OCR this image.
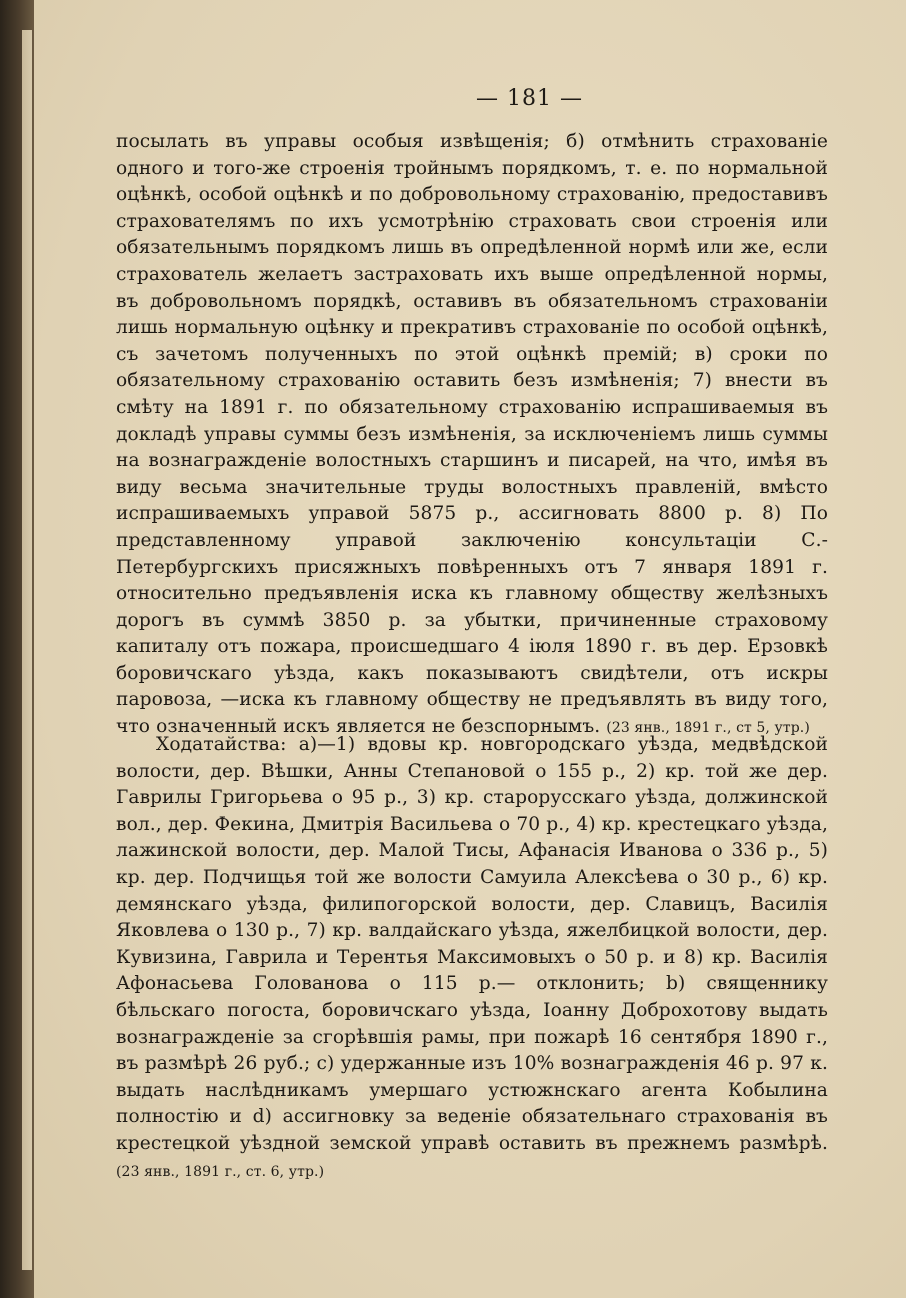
— 181 —
посылать въ управы особыя извѣщенія; б) отмѣнить страхованіе одного и того-же строенія тройнымъ порядкомъ, т. е. по нормальной оцѣнкѣ, особой оцѣнкѣ и по добровольному страхованію, предоставивъ страхователямъ по ихъ усмотрѣнію страховать свои строенія или обязательнымъ порядкомъ лишь въ опредѣленной нормѣ или же, если страхователь желаетъ застраховать ихъ выше опредѣленной нормы, въ добровольномъ порядкѣ, оставивъ въ обязательномъ страхованіи лишь нормальную оцѣнку и прекративъ страхованіе по особой оцѣнкѣ, съ зачетомъ полученныхъ по этой оцѣнкѣ премій; в) сроки по обязательному страхованію оставить безъ измѣненія; 7) внести въ смѣту на 1891 г. по обязательному страхованію испрашиваемыя въ докладѣ управы суммы безъ измѣненія, за исключеніемъ лишь суммы на вознагражденіе волостныхъ старшинъ и писарей, на что, имѣя въ виду весьма значительные труды волостныхъ правленій, вмѣсто испрашиваемыхъ управой 5875 р., ассигновать 8800 р. 8) По представленному управой заключенію консультаціи С.-Петербургскихъ присяжныхъ повѣренныхъ отъ 7 января 1891 г. относительно предъявленія иска къ главному обществу желѣзныхъ дорогъ въ суммѣ 3850 р. за убытки, причиненные страховому капиталу отъ пожара, происшедшаго 4 іюля 1890 г. въ дер. Ерзовкѣ боровичскаго уѣзда, какъ показываютъ свидѣтели, отъ искры паровоза, —иска къ главному обществу не предъявлять въ виду того, что означенный искъ является не безспорнымъ. (23 янв., 1891 г., ст 5, утр.)
Ходатайства: а)—1) вдовы кр. новгородскаго уѣзда, медвѣдской волости, дер. Вѣшки, Анны Степановой о 155 р., 2) кр. той же дер. Гаврилы Григорьева о 95 р., 3) кр. старорусскаго уѣзда, должинской вол., дер. Фекина, Дмитрія Васильева о 70 р., 4) кр. крестецкаго уѣзда, лажинской волости, дер. Малой Тисы, Афанасія Иванова о 336 р., 5) кр. дер. Подчищья той же волости Самуила Алексѣева о 30 р., 6) кр. демянскаго уѣзда, филипогорской волости, дер. Славицъ, Василія Яковлева о 130 р., 7) кр. валдайскаго уѣзда, яжелбицкой волости, дер. Кувизина, Гаврила и Терентья Максимовыхъ о 50 р. и 8) кр. Василія Афонасьева Голованова о 115 р.— отклонить; b) священнику бѣльскаго погоста, боровичскаго уѣзда, Іоанну Доброхотову выдать вознагражденіе за сгорѣвшія рамы, при пожарѣ 16 сентября 1890 г., въ размѣрѣ 26 руб.; с) удержанные изъ 10% вознагражденія 46 р. 97 к. выдать наслѣдникамъ умершаго устюжнскаго агента Кобылина полностію и d) ассигновку за веденіе обязательнаго страхованія въ крестецкой уѣздной земской управѣ оставить въ прежнемъ размѣрѣ. (23 янв., 1891 г., ст. 6, утр.)
